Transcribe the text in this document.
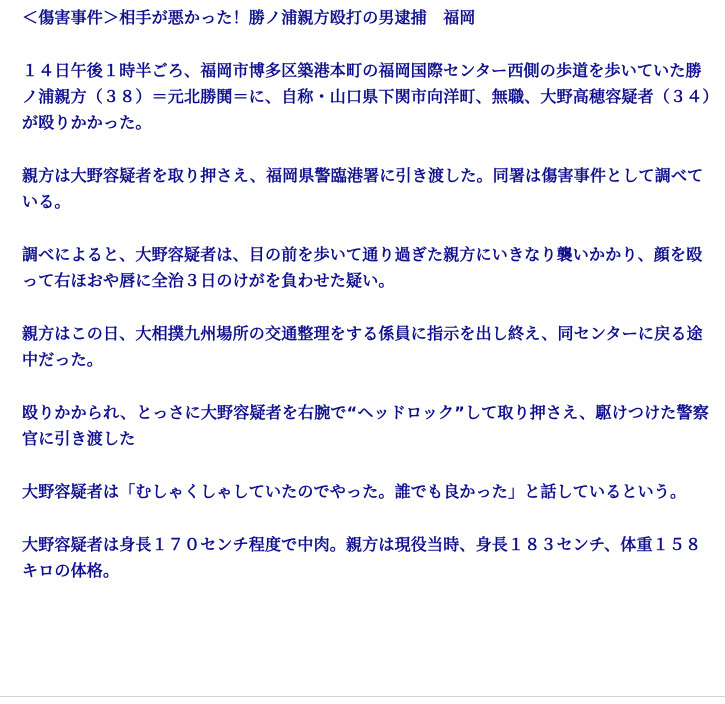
＜傷害事件＞相手が悪かった！勝ノ浦親方殴打の男逮捕　福岡

１４日午後１時半ごろ、福岡市博多区築港本町の福岡国際センター西側の歩道を歩いていた勝ノ浦親方（３８）＝元北勝鬨＝に、自称・山口県下関市向洋町、無職、大野高穂容疑者（３４）が殴りかかった。

親方は大野容疑者を取り押さえ、福岡県警臨港署に引き渡した。同署は傷害事件として調べている。

調べによると、大野容疑者は、目の前を歩いて通り過ぎた親方にいきなり襲いかかり、顔を殴って右ほおや唇に全治３日のけがを負わせた疑い。

親方はこの日、大相撲九州場所の交通整理をする係員に指示を出し終え、同センターに戻る途中だった。

殴りかかられ、とっさに大野容疑者を右腕で“ヘッドロック”して取り押さえ、駆けつけた警察官に引き渡した

大野容疑者は「むしゃくしゃしていたのでやった。誰でも良かった」と話しているという。

大野容疑者は身長１７０センチ程度で中肉。親方は現役当時、身長１８３センチ、体重１５８キロの体格。
